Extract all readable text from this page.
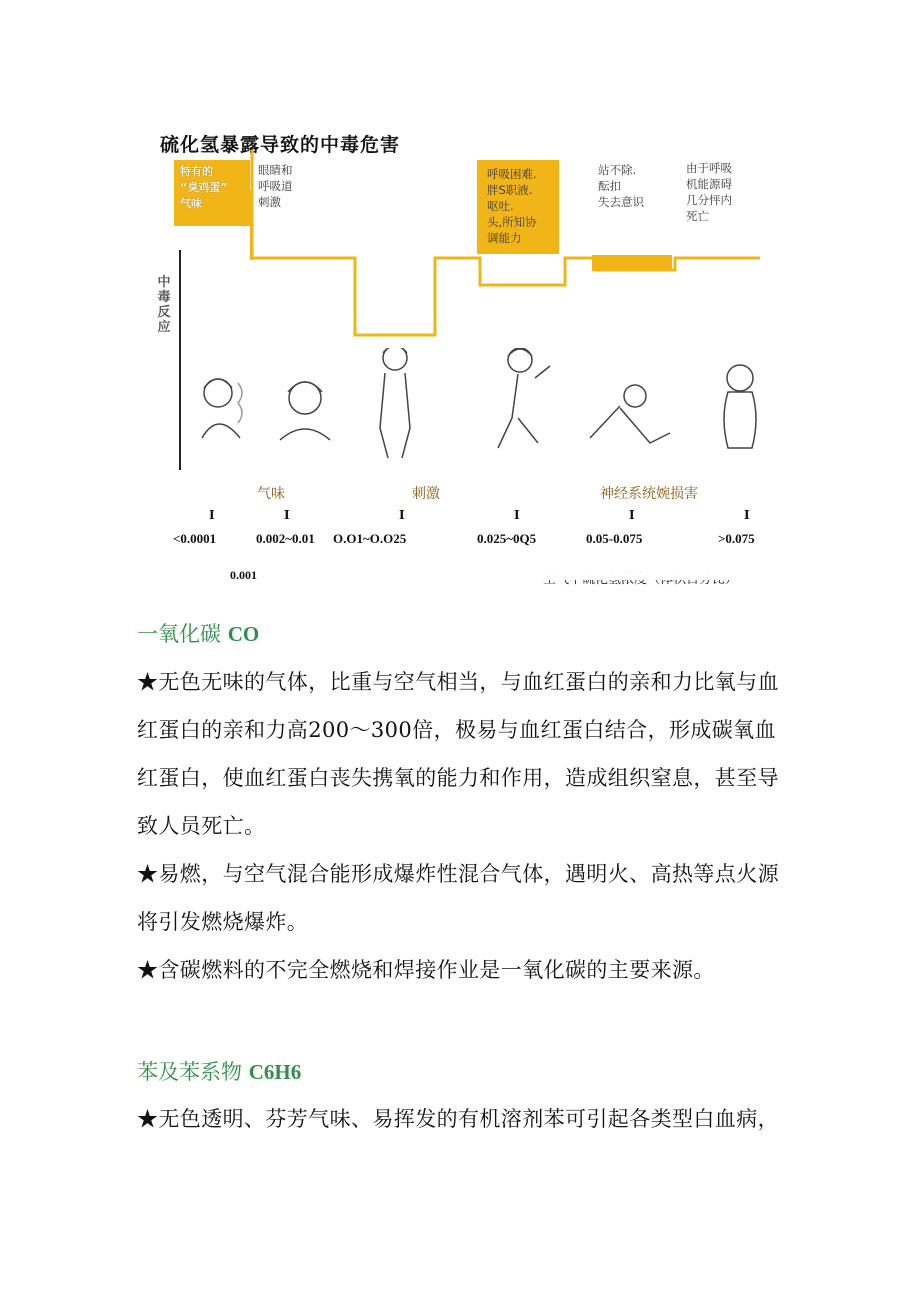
硫化氢暴露导致的中毒危害
特有的
“臭鸡蛋”
气味
眼睛和
呼吸道
刺激
呼吸困难.
胖S职液.
呕吐.
头,所知协
调能力
站不除.
酝扣
失去意识
由于呼吸
机能源碍
几分怦内
死亡
中毒反应
气味	刺激	神经系统婉损害
I	I	I	I	I	I
<0.0001	0.002~0.01 O.O1~O.O25	0.025~0Q5	0.05-0.075	>0.075
0.001
一氧化碳 CO
★无色无味的气体，比重与空气相当，与血红蛋白的亲和力比氧与血红蛋白的亲和力高200～300倍，极易与血红蛋白结合，形成碳氧血红蛋白，使血红蛋白丧失携氧的能力和作用，造成组织窒息，甚至导致人员死亡。
★易燃，与空气混合能形成爆炸性混合气体，遇明火、高热等点火源将引发燃烧爆炸。
★含碳燃料的不完全燃烧和焊接作业是一氧化碳的主要来源。
苯及苯系物 C6H6
★无色透明、芬芳气味、易挥发的有机溶剂苯可引起各类型白血病，
